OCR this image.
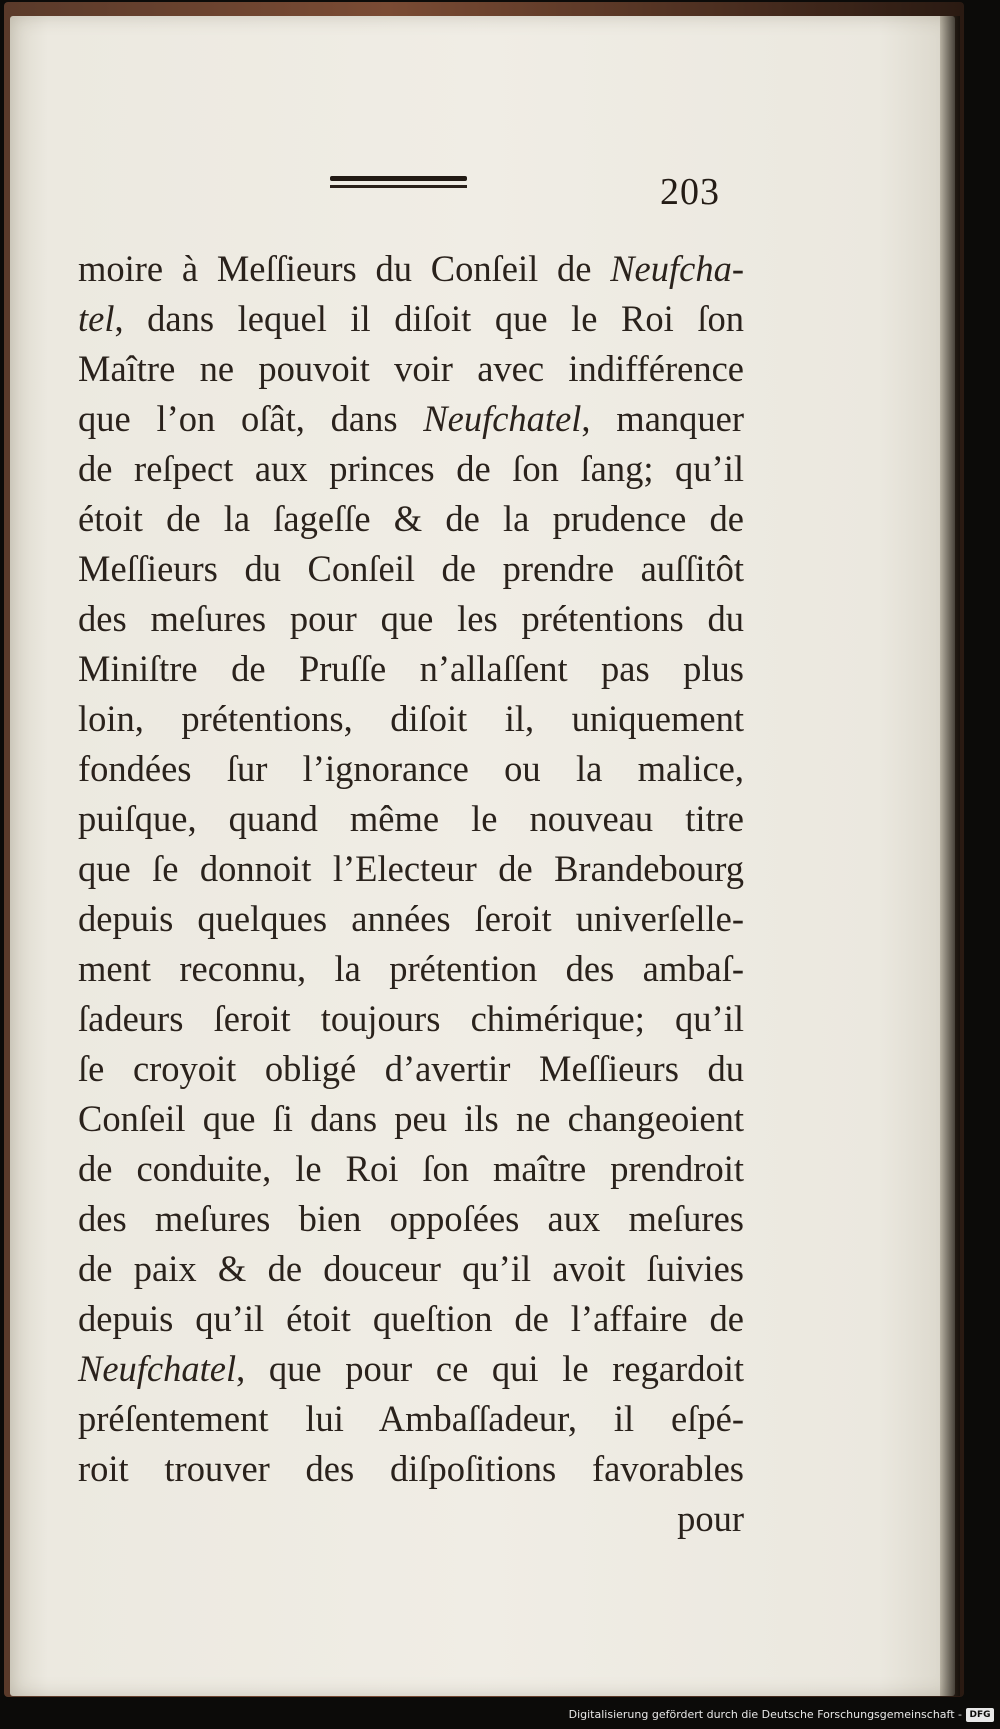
203
moire à Meſſieurs du Conſeil de Neufcha-
tel, dans lequel il diſoit que le Roi ſon
Maître ne pouvoit voir avec indifférence
que l’on oſât, dans Neufchatel, manquer
de reſpect aux princes de ſon ſang; qu’il
étoit de la ſageſſe & de la prudence de
Meſſieurs du Conſeil de prendre auſſitôt
des meſures pour que les prétentions du
Miniſtre de Pruſſe n’allaſſent pas plus
loin, prétentions, diſoit il, uniquement
fondées ſur l’ignorance ou la malice,
puiſque, quand même le nouveau titre
que ſe donnoit l’Electeur de Brandebourg
depuis quelques années ſeroit univerſelle-
ment reconnu, la prétention des ambaſ-
ſadeurs ſeroit toujours chimérique; qu’il
ſe croyoit obligé d’avertir Meſſieurs du
Conſeil que ſi dans peu ils ne changeoient
de conduite, le Roi ſon maître prendroit
des meſures bien oppoſées aux meſures
de paix & de douceur qu’il avoit ſuivies
depuis qu’il étoit queſtion de l’affaire de
Neufchatel, que pour ce qui le regardoit
préſentement lui Ambaſſadeur, il eſpé-
roit trouver des diſpoſitions favorables
pour
Digitalisierung gefördert durch die Deutsche Forschungsgemeinschaft - DFG
